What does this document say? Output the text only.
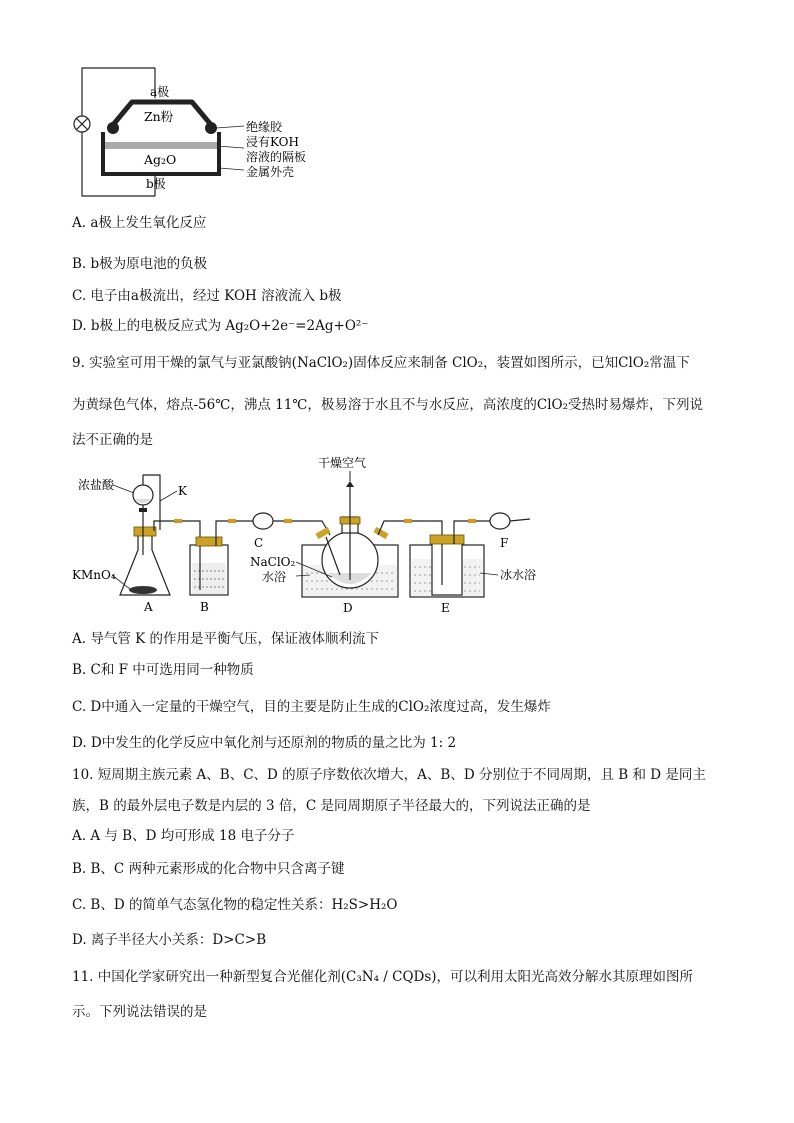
a极
Zn粉
Ag₂O
b极
绝缘胶
浸有KOH
溶液的隔板
金属外壳
A. a极上发生氧化反应
B. b极为原电池的负极
C. 电子由a极流出，经过 KOH 溶液流入 b极
D. b极上的电极反应式为 Ag₂O+2e⁻=2Ag+O²⁻
9. 实验室可用干燥的氯气与亚氯酸钠(NaClO₂)固体反应来制备 ClO₂，装置如图所示，已知ClO₂常温下
为黄绿色气体，熔点-56℃，沸点 11℃，极易溶于水且不与水反应，高浓度的ClO₂受热时易爆炸，下列说
法不正确的是
浓盐酸	K
KMnO₄
干燥空气
NaClO₂
水浴	冰水浴
A	B
C
D	E
F
A. 导气管 K 的作用是平衡气压，保证液体顺利流下
B. C和 F 中可选用同一种物质
C. D中通入一定量的干燥空气，目的主要是防止生成的ClO₂浓度过高，发生爆炸
D. D中发生的化学反应中氧化剂与还原剂的物质的量之比为 1: 2
10. 短周期主族元素 A、B、C、D 的原子序数依次增大，A、B、D 分别位于不同周期，且 B 和 D 是同主
族，B 的最外层电子数是内层的 3 倍，C 是同周期原子半径最大的，下列说法正确的是
A. A 与 B、D 均可形成 18 电子分子
B. B、C 两种元素形成的化合物中只含离子键
C. B、D 的简单气态氢化物的稳定性关系：H₂S>H₂O
D. 离子半径大小关系：D>C>B
11. 中国化学家研究出一种新型复合光催化剂(C₃N₄ / CQDs)，可以利用太阳光高效分解水其原理如图所
示。下列说法错误的是
